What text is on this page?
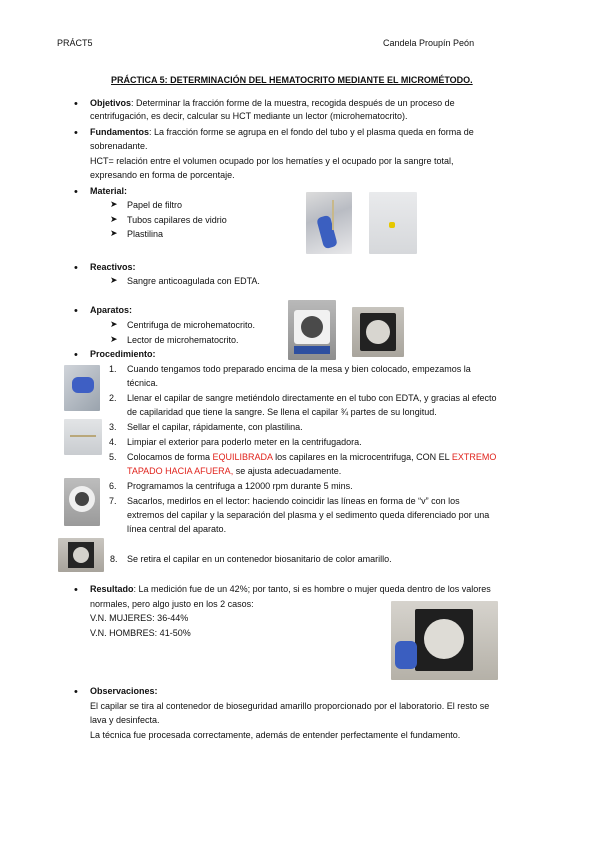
PRÁCT5	Candela Proupín Peón
PRÁCTICA 5: DETERMINACIÓN DEL HEMATOCRITO MEDIANTE EL MICROMÉTODO.
• Objetivos: Determinar la fracción forme de la muestra, recogida después de un proceso de
centrifugación, es decir, calcular su HCT mediante un lector (microhematocrito).
• Fundamentos: La fracción forme se agrupa en el fondo del tubo y el plasma queda en forma de
sobrenadante.
HCT= relación entre el volumen ocupado por los hematíes y el ocupado por la sangre total,
expresando en forma de porcentaje.
• Material:
➤ Papel de filtro
➤ Tubos capilares de vidrio
➤ Plastilina
• Reactivos:
➤ Sangre anticoagulada con EDTA.
• Aparatos:
➤ Centrifuga de microhematocrito.
➤ Lector de microhematocrito.
• Procedimiento:
1. Cuando tengamos todo preparado encima de la mesa y bien colocado, empezamos la
técnica.
2. Llenar el capilar de sangre metiéndolo directamente en el tubo con EDTA, y gracias al efecto
de capilaridad que tiene la sangre. Se llena el capilar ¾ partes de su longitud.
3. Sellar el capilar, rápidamente, con plastilina.
4. Limpiar el exterior para poderlo meter en la centrifugadora.
5. Colocamos de forma EQUILIBRADA los capilares en la microcentrifuga, CON EL EXTREMO
TAPADO HACIA AFUERA, se ajusta adecuadamente.
6. Programamos la centrifuga a 12000 rpm durante 5 mins.
7. Sacarlos, medirlos en el lector: haciendo coincidir las líneas en forma de “v” con los
extremos del capilar y la separación del plasma y el sedimento queda diferenciado por una
línea central del aparato.
8. Se retira el capilar en un contenedor biosanitario de color amarillo.
• Resultado: La medición fue de un 42%; por tanto, si es hombre o mujer queda dentro de los valores
normales, pero algo justo en los 2 casos:
V.N. MUJERES: 36-44%
V.N. HOMBRES: 41-50%
• Observaciones:
El capilar se tira al contenedor de bioseguridad amarillo proporcionado por el laboratorio. El resto se
lava y desinfecta.
La técnica fue procesada correctamente, además de entender perfectamente el fundamento.
